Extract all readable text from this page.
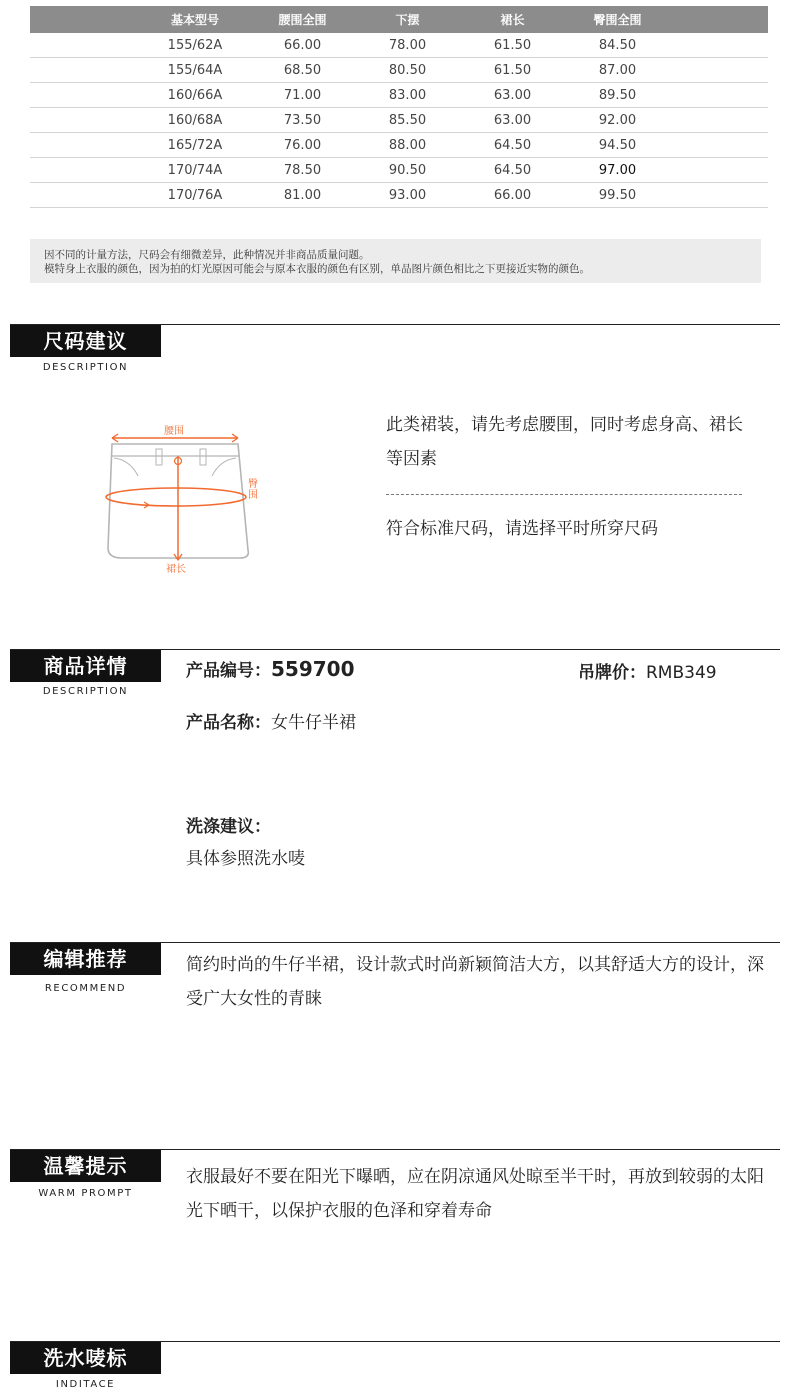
	基本型号	腰围全围	下摆	裙长	臀围全围	
	155/62A	66.00	78.00	61.50	84.50	
	155/64A	68.50	80.50	61.50	87.00	
	160/66A	71.00	83.00	63.00	89.50	
	160/68A	73.50	85.50	63.00	92.00	
	165/72A	76.00	88.00	64.50	94.50	
	170/74A	78.50	90.50	64.50	97.00	
	170/76A	81.00	93.00	66.00	99.50	
因不同的计量方法，尺码会有细微差异，此种情况并非商品质量问题。
模特身上衣服的颜色，因为拍的灯光原因可能会与原本衣服的颜色有区别，单品图片颜色相比之下更接近实物的颜色。
尺码建议
DESCRIPTION
腰围
臀围
裙长
此类裙装，请先考虑腰围，同时考虑身高、裙长等因素
符合标准尺码，请选择平时所穿尺码
商品详情
DESCRIPTION
产品编号：559700	吊牌价：RMB349
产品名称：女牛仔半裙
洗涤建议：
具体参照洗水唛
编辑推荐
RECOMMEND
简约时尚的牛仔半裙，设计款式时尚新颖简洁大方，以其舒适大方的设计，深受广大女性的青睐
温馨提示
WARM PROMPT
衣服最好不要在阳光下曝晒，应在阴凉通风处晾至半干时，再放到较弱的太阳光下晒干，以保护衣服的色泽和穿着寿命
洗水唛标
INDITACE
